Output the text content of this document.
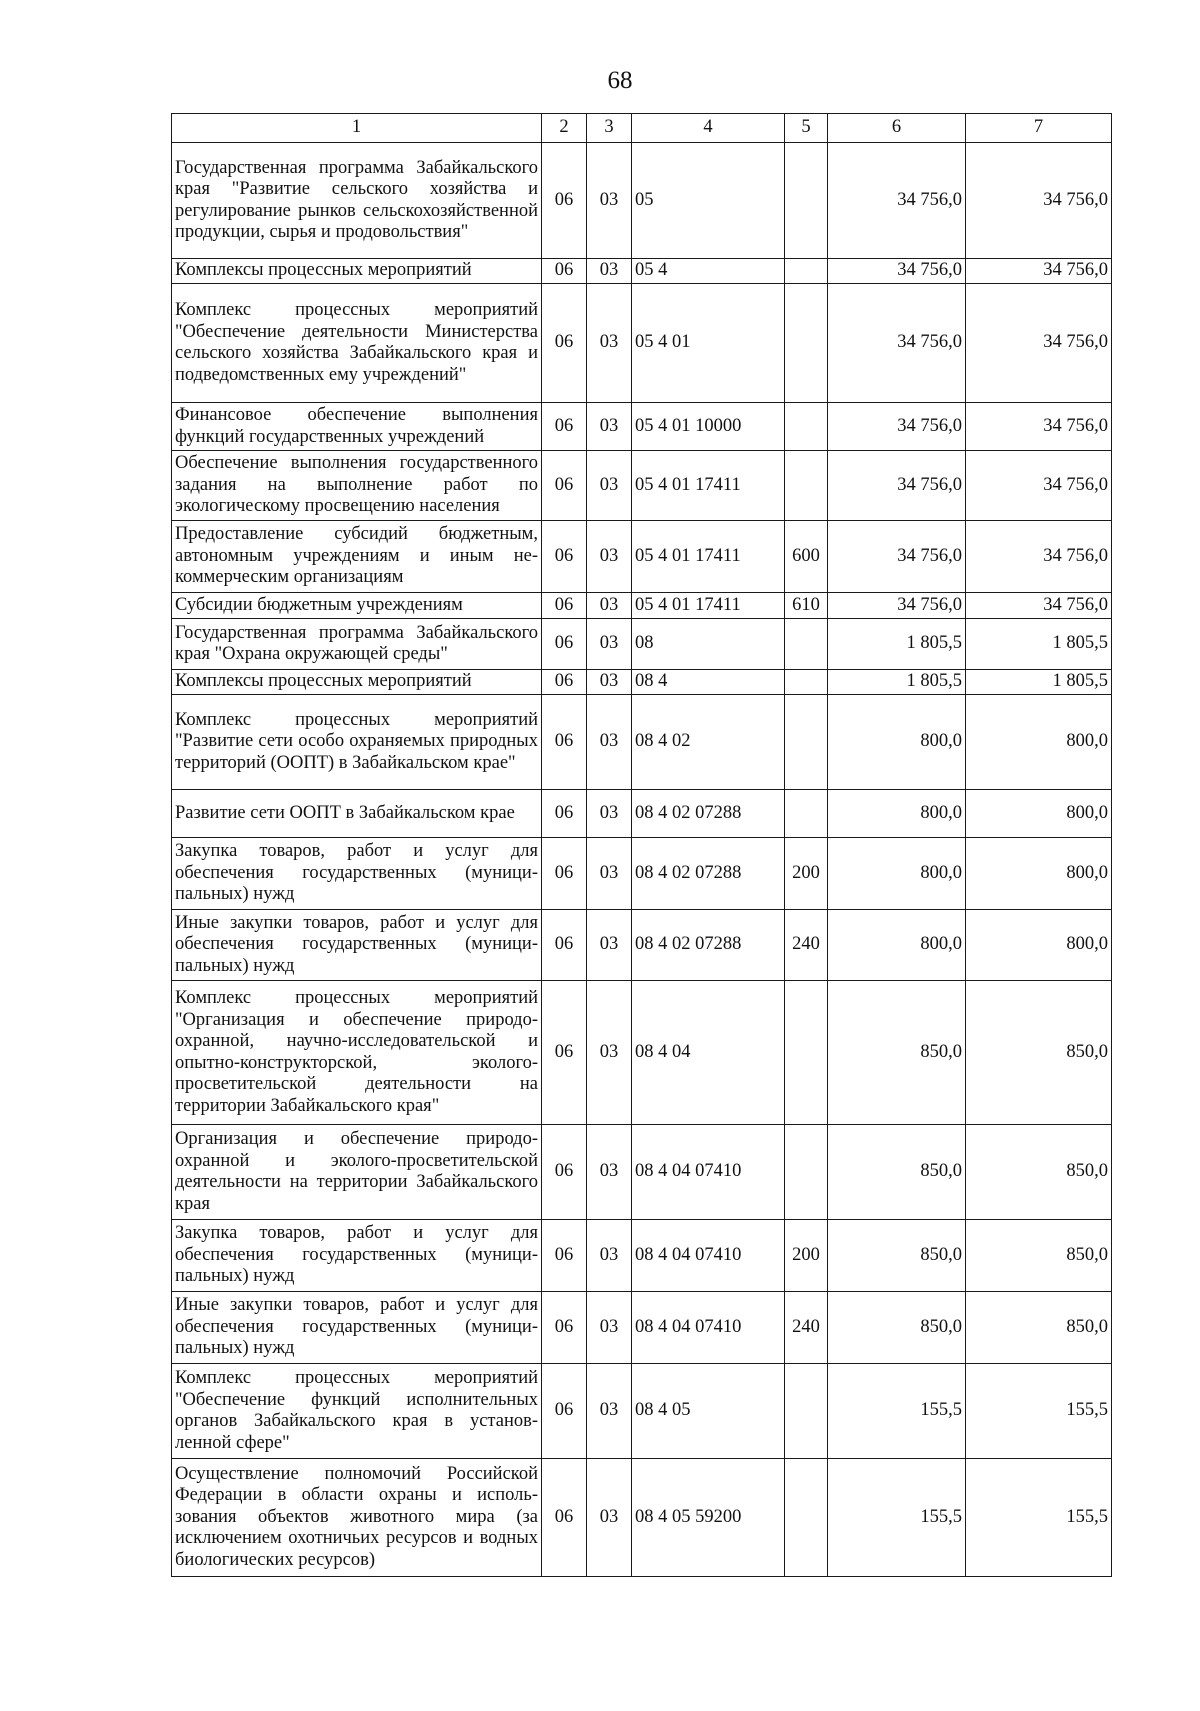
68
1	2	3	4	5	6	7
Государственная программа Забайкальского края "Развитие сельского хозяйства и регулирование рынков сельскохозяйственной продукции, сырья и продовольствия"	06	03	05		34 756,0	34 756,0
Комплексы процессных мероприятий	06	03	05 4		34 756,0	34 756,0
Комплекс процессных мероприятий "Обеспечение деятельности Министерства сельского хозяйства Забайкальского края и подведомственных ему учреждений"	06	03	05 4 01		34 756,0	34 756,0
Финансовое обеспечение выполнения функций государственных учреждений	06	03	05 4 01 10000		34 756,0	34 756,0
Обеспечение выполнения государственного задания на выполнение работ по экологическому просвещению населения	06	03	05 4 01 17411		34 756,0	34 756,0
Предоставление субсидий бюджетным, автономным учреждениям и иным некоммерческим организациям	06	03	05 4 01 17411	600	34 756,0	34 756,0
Субсидии бюджетным учреждениям	06	03	05 4 01 17411	610	34 756,0	34 756,0
Государственная программа Забайкальского края "Охрана окружающей среды"	06	03	08		1 805,5	1 805,5
Комплексы процессных мероприятий	06	03	08 4		1 805,5	1 805,5
Комплекс процессных мероприятий "Развитие сети особо охраняемых природных территорий (ООПТ) в Забайкальском крае"	06	03	08 4 02		800,0	800,0
Развитие сети ООПТ в Забайкальском крае	06	03	08 4 02 07288		800,0	800,0
Закупка товаров, работ и услуг для обеспечения государственных (муниципальных) нужд	06	03	08 4 02 07288	200	800,0	800,0
Иные закупки товаров, работ и услуг для обеспечения государственных (муниципальных) нужд	06	03	08 4 02 07288	240	800,0	800,0
Комплекс процессных мероприятий "Организация и обеспечение природоохранной, научно-исследовательской и опытно-конструкторской, эколого-просветительской деятельности на территории Забайкальского края"	06	03	08 4 04		850,0	850,0
Организация и обеспечение природоохранной и эколого-просветительской деятельности на территории Забайкальского края	06	03	08 4 04 07410		850,0	850,0
Закупка товаров, работ и услуг для обеспечения государственных (муниципальных) нужд	06	03	08 4 04 07410	200	850,0	850,0
Иные закупки товаров, работ и услуг для обеспечения государственных (муниципальных) нужд	06	03	08 4 04 07410	240	850,0	850,0
Комплекс процессных мероприятий "Обеспечение функций исполнительных органов Забайкальского края в установленной сфере"	06	03	08 4 05		155,5	155,5
Осуществление полномочий Российской Федерации в области охраны и использования объектов животного мира (за исключением охотничьих ресурсов и водных биологических ресурсов)	06	03	08 4 05 59200		155,5	155,5
